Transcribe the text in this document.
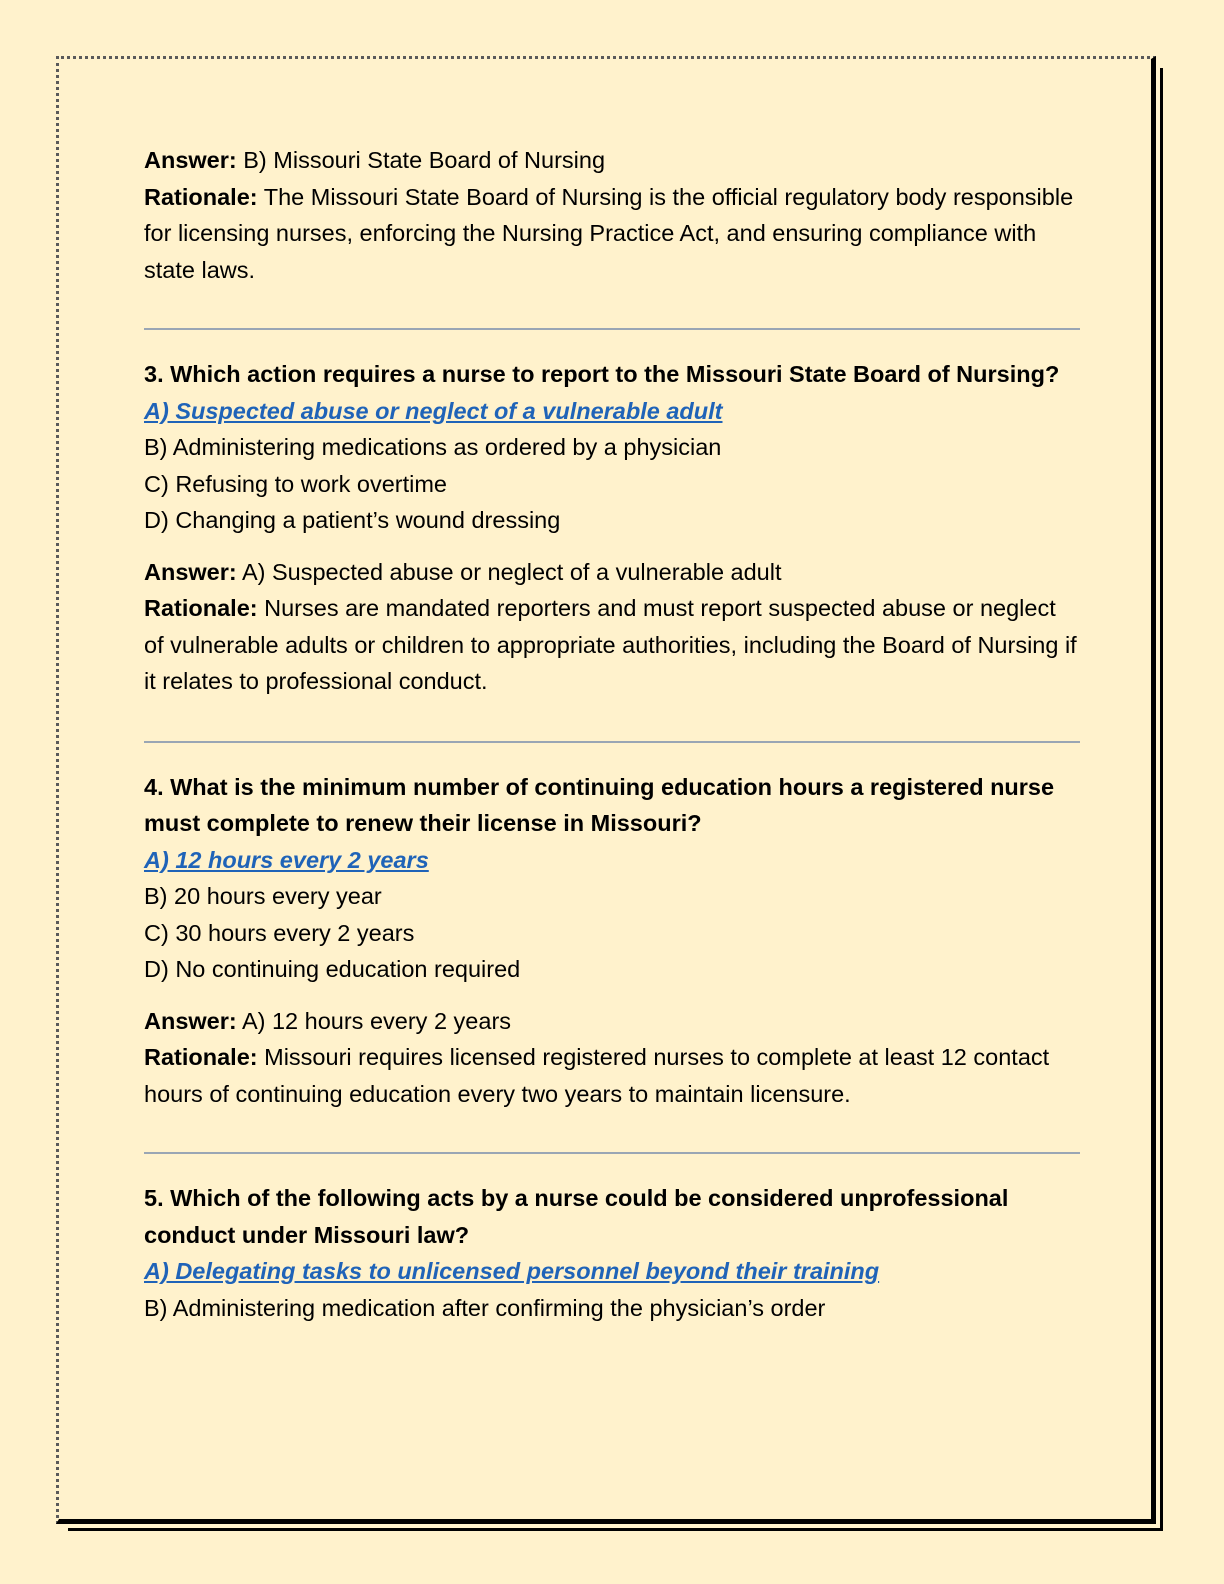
Answer: B) Missouri State Board of Nursing

Rationale: The Missouri State Board of Nursing is the official regulatory body responsible for licensing nurses, enforcing the Nursing Practice Act, and ensuring compliance with state laws.

3. Which action requires a nurse to report to the Missouri State Board of Nursing?

A) Suspected abuse or neglect of a vulnerable adult

B) Administering medications as ordered by a physician

C) Refusing to work overtime

D) Changing a patient’s wound dressing

Answer: A) Suspected abuse or neglect of a vulnerable adult

Rationale: Nurses are mandated reporters and must report suspected abuse or neglect of vulnerable adults or children to appropriate authorities, including the Board of Nursing if it relates to professional conduct.

4. What is the minimum number of continuing education hours a registered nurse must complete to renew their license in Missouri?

A) 12 hours every 2 years

B) 20 hours every year

C) 30 hours every 2 years

D) No continuing education required

Answer: A) 12 hours every 2 years

Rationale: Missouri requires licensed registered nurses to complete at least 12 contact hours of continuing education every two years to maintain licensure.

5. Which of the following acts by a nurse could be considered unprofessional conduct under Missouri law?

A) Delegating tasks to unlicensed personnel beyond their training

B) Administering medication after confirming the physician’s order
